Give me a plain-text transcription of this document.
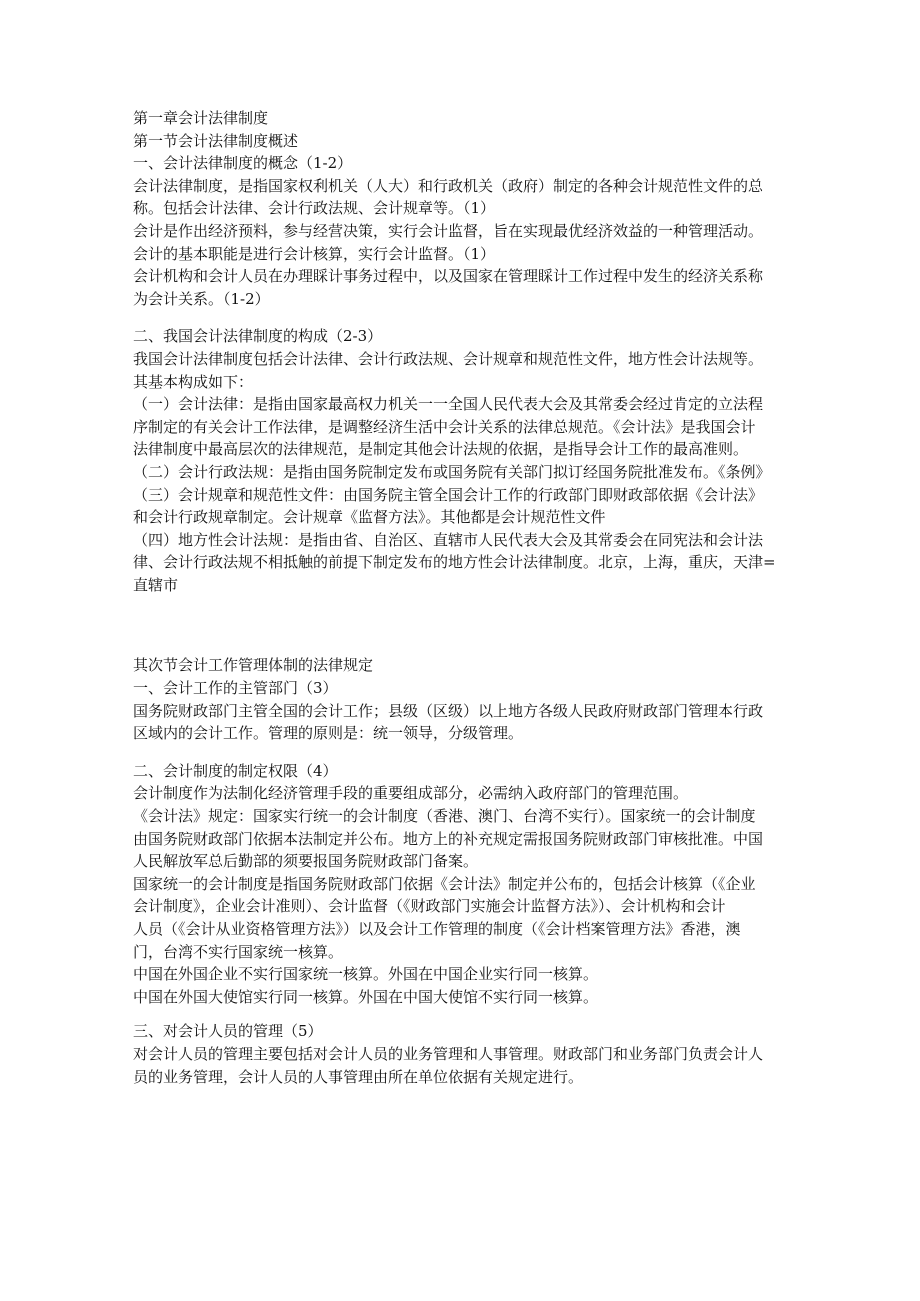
第一章会计法律制度

第一节会计法律制度概述

一、会计法律制度的概念（1-2）

会计法律制度，是指国家权利机关（人大）和行政机关（政府）制定的各种会计规范性文件的总

称。包括会计法律、会计行政法规、会计规章等。（1）

会计是作出经济预料，参与经营决策，实行会计监督，旨在实现最优经济效益的一种管理活动。

会计的基本职能是进行会计核算，实行会计监督。（1）

会计机构和会计人员在办理睬计事务过程中，以及国家在管理睬计工作过程中发生的经济关系称

为会计关系。（1-2）

二、我国会计法律制度的构成（2-3）

我国会计法律制度包括会计法律、会计行政法规、会计规章和规范性文件，地方性会计法规等。

其基本构成如下：

（一）会计法律：是指由国家最高权力机关一一全国人民代表大会及其常委会经过肯定的立法程

序制定的有关会计工作法律，是调整经济生活中会计关系的法律总规范。《会计法》是我国会计

法律制度中最高层次的法律规范，是制定其他会计法规的依据，是指导会计工作的最高准则。

（二）会计行政法规：是指由国务院制定发布或国务院有关部门拟订经国务院批准发布。《条例》

（三）会计规章和规范性文件：由国务院主管全国会计工作的行政部门即财政部依据《会计法》

和会计行政规章制定。会计规章《监督方法》。其他都是会计规范性文件

（四）地方性会计法规：是指由省、自治区、直辖市人民代表大会及其常委会在同宪法和会计法

律、会计行政法规不相抵触的前提下制定发布的地方性会计法律制度。北京，上海，重庆，天津=

直辖市

其次节会计工作管理体制的法律规定

一、会计工作的主管部门（3）

国务院财政部门主管全国的会计工作；县级（区级）以上地方各级人民政府财政部门管理本行政

区域内的会计工作。管理的原则是：统一领导，分级管理。

二、会计制度的制定权限（4）

会计制度作为法制化经济管理手段的重要组成部分，必需纳入政府部门的管理范围。

《会计法》规定：国家实行统一的会计制度（香港、澳门、台湾不实行）。国家统一的会计制度

由国务院财政部门依据本法制定并公布。地方上的补充规定需报国务院财政部门审核批准。中国

人民解放军总后勤部的须要报国务院财政部门备案。

国家统一的会计制度是指国务院财政部门依据《会计法》制定并公布的，包括会计核算（《企业

会计制度》，企业会计准则）、会计监督（《财政部门实施会计监督方法》）、会计机构和会计

人员（《会计从业资格管理方法》）以及会计工作管理的制度（《会计档案管理方法》香港，澳

门，台湾不实行国家统一核算。

中国在外国企业不实行国家统一核算。外国在中国企业实行同一核算。

中国在外国大使馆实行同一核算。外国在中国大使馆不实行同一核算。

三、对会计人员的管理（5）

对会计人员的管理主要包括对会计人员的业务管理和人事管理。财政部门和业务部门负责会计人

员的业务管理，会计人员的人事管理由所在单位依据有关规定进行。
